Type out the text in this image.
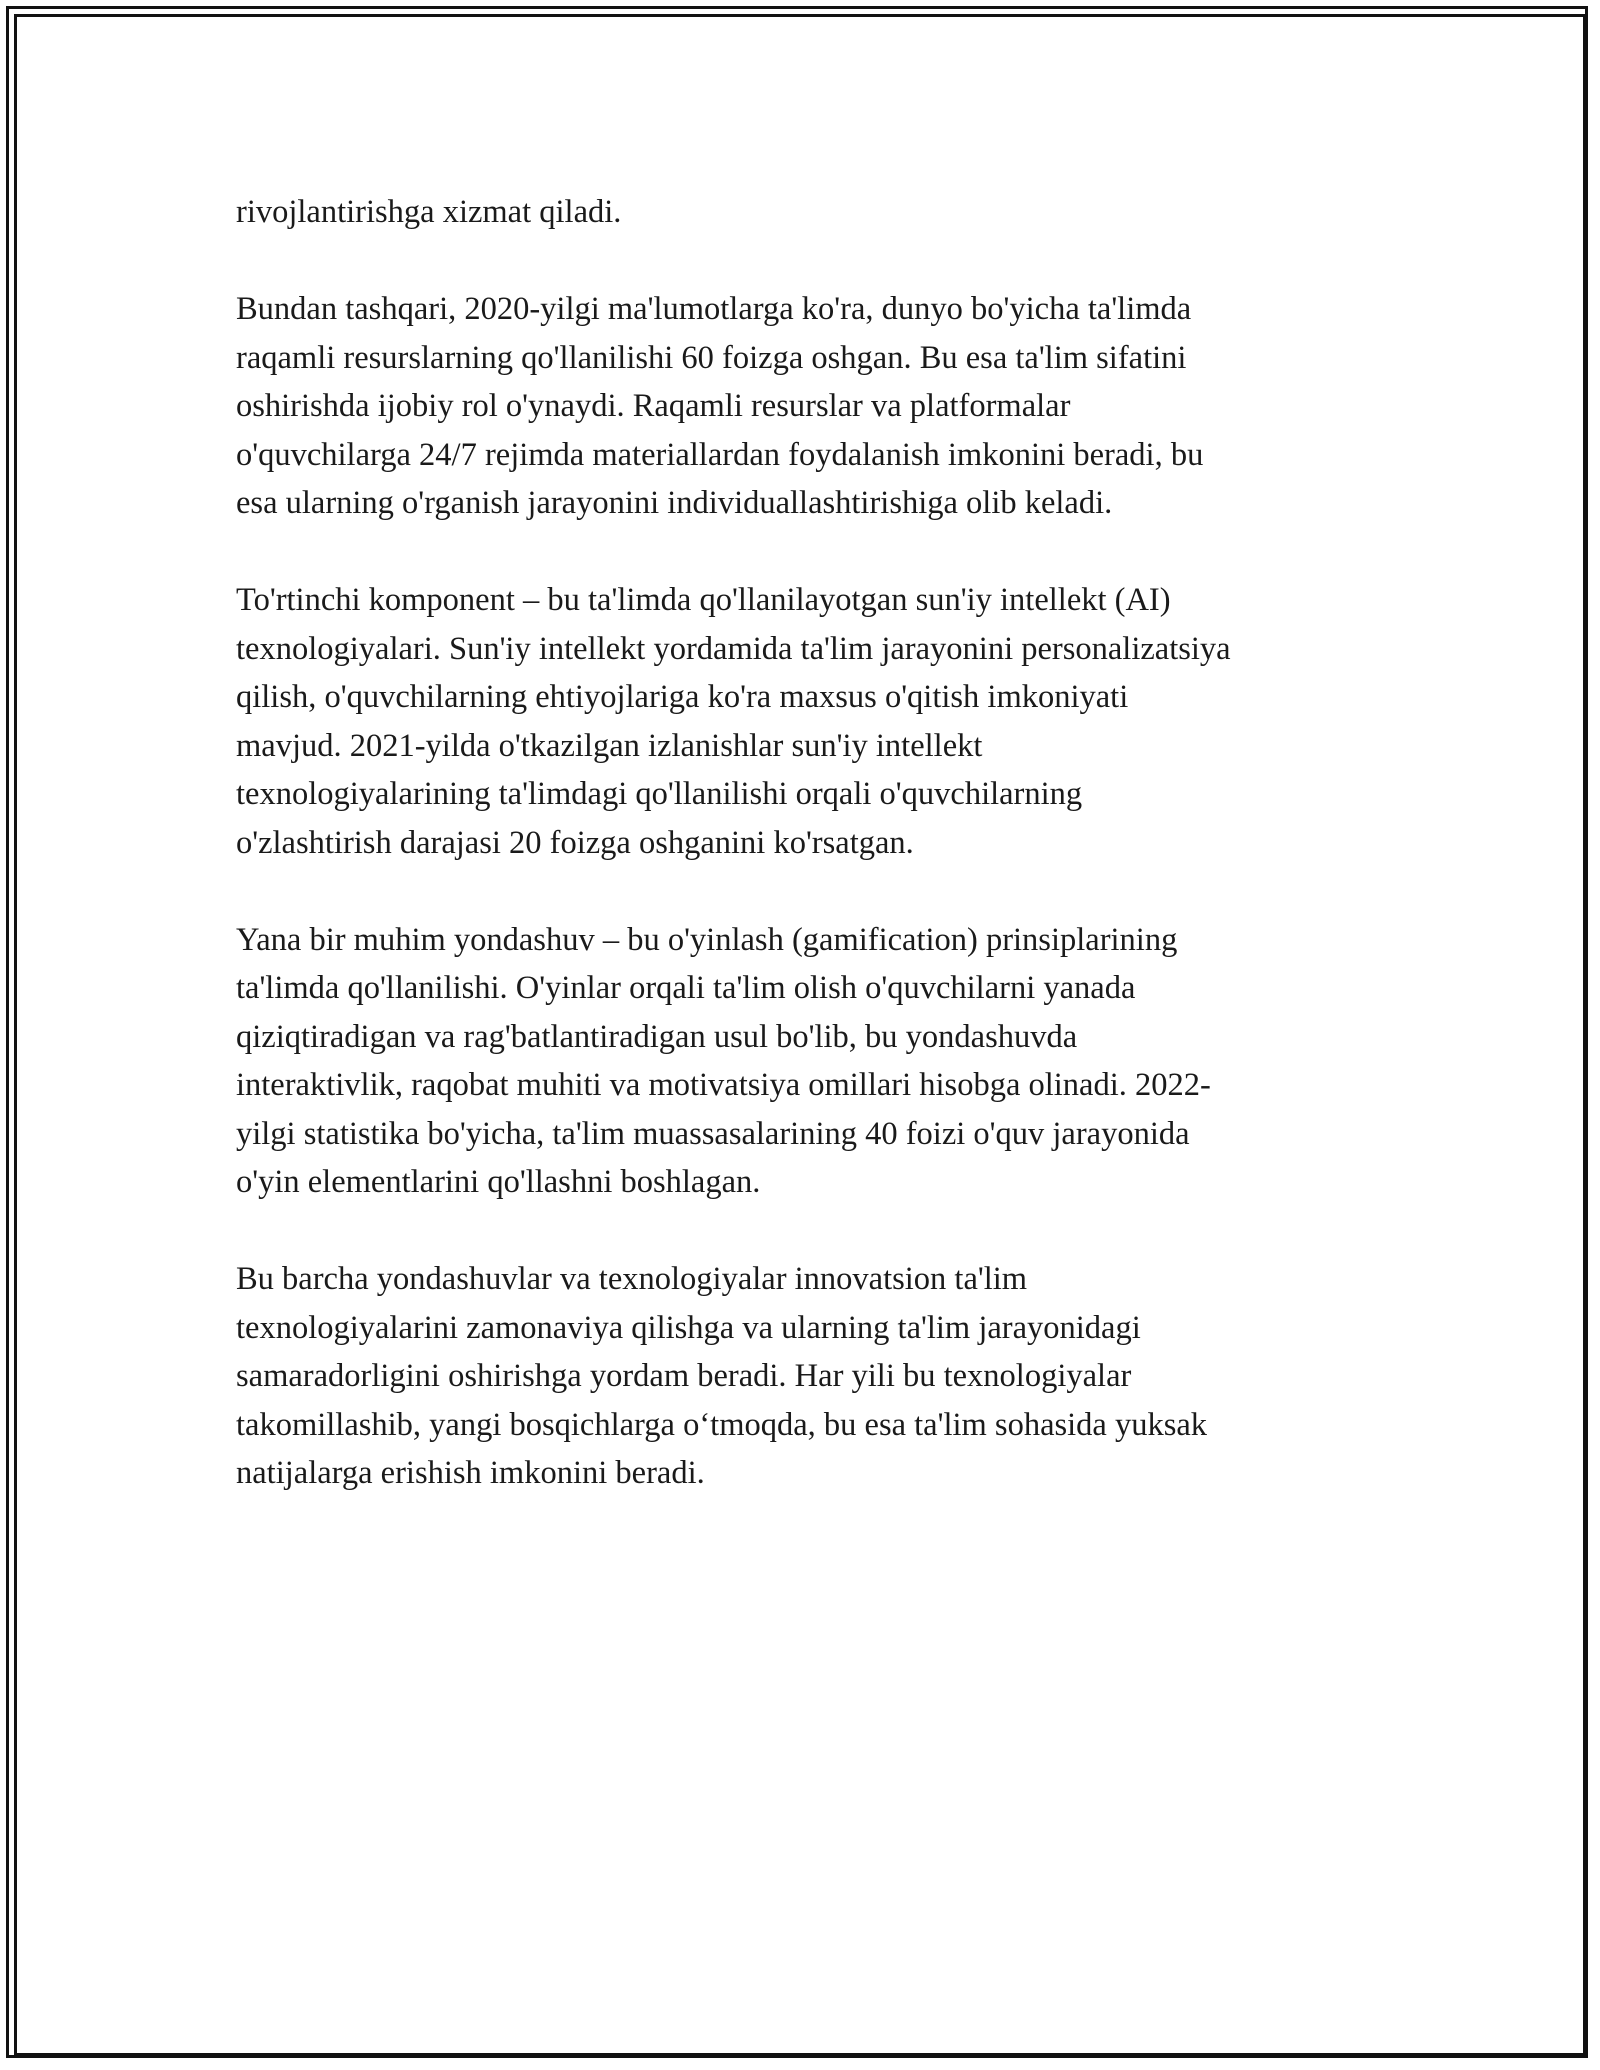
rivojlantirishga xizmat qiladi.

Bundan tashqari, 2020-yilgi ma'lumotlarga ko'ra, dunyo bo'yicha ta'limda
raqamli resurslarning qo'llanilishi 60 foizga oshgan. Bu esa ta'lim sifatini
oshirishda ijobiy rol o'ynaydi. Raqamli resurslar va platformalar
o'quvchilarga 24/7 rejimda materiallardan foydalanish imkonini beradi, bu
esa ularning o'rganish jarayonini individuallashtirishiga olib keladi.

To'rtinchi komponent – bu ta'limda qo'llanilayotgan sun'iy intellekt (AI)
texnologiyalari. Sun'iy intellekt yordamida ta'lim jarayonini personalizatsiya
qilish, o'quvchilarning ehtiyojlariga ko'ra maxsus o'qitish imkoniyati
mavjud. 2021-yilda o'tkazilgan izlanishlar sun'iy intellekt
texnologiyalarining ta'limdagi qo'llanilishi orqali o'quvchilarning
o'zlashtirish darajasi 20 foizga oshganini ko'rsatgan.

Yana bir muhim yondashuv – bu o'yinlash (gamification) prinsiplarining
ta'limda qo'llanilishi. O'yinlar orqali ta'lim olish o'quvchilarni yanada
qiziqtiradigan va rag'batlantiradigan usul bo'lib, bu yondashuvda
interaktivlik, raqobat muhiti va motivatsiya omillari hisobga olinadi. 2022-
yilgi statistika bo'yicha, ta'lim muassasalarining 40 foizi o'quv jarayonida
o'yin elementlarini qo'llashni boshlagan.

Bu barcha yondashuvlar va texnologiyalar innovatsion ta'lim
texnologiyalarini zamonaviya qilishga va ularning ta'lim jarayonidagi
samaradorligini oshirishga yordam beradi. Har yili bu texnologiyalar
takomillashib, yangi bosqichlarga o‘tmoqda, bu esa ta'lim sohasida yuksak
natijalarga erishish imkonini beradi.
